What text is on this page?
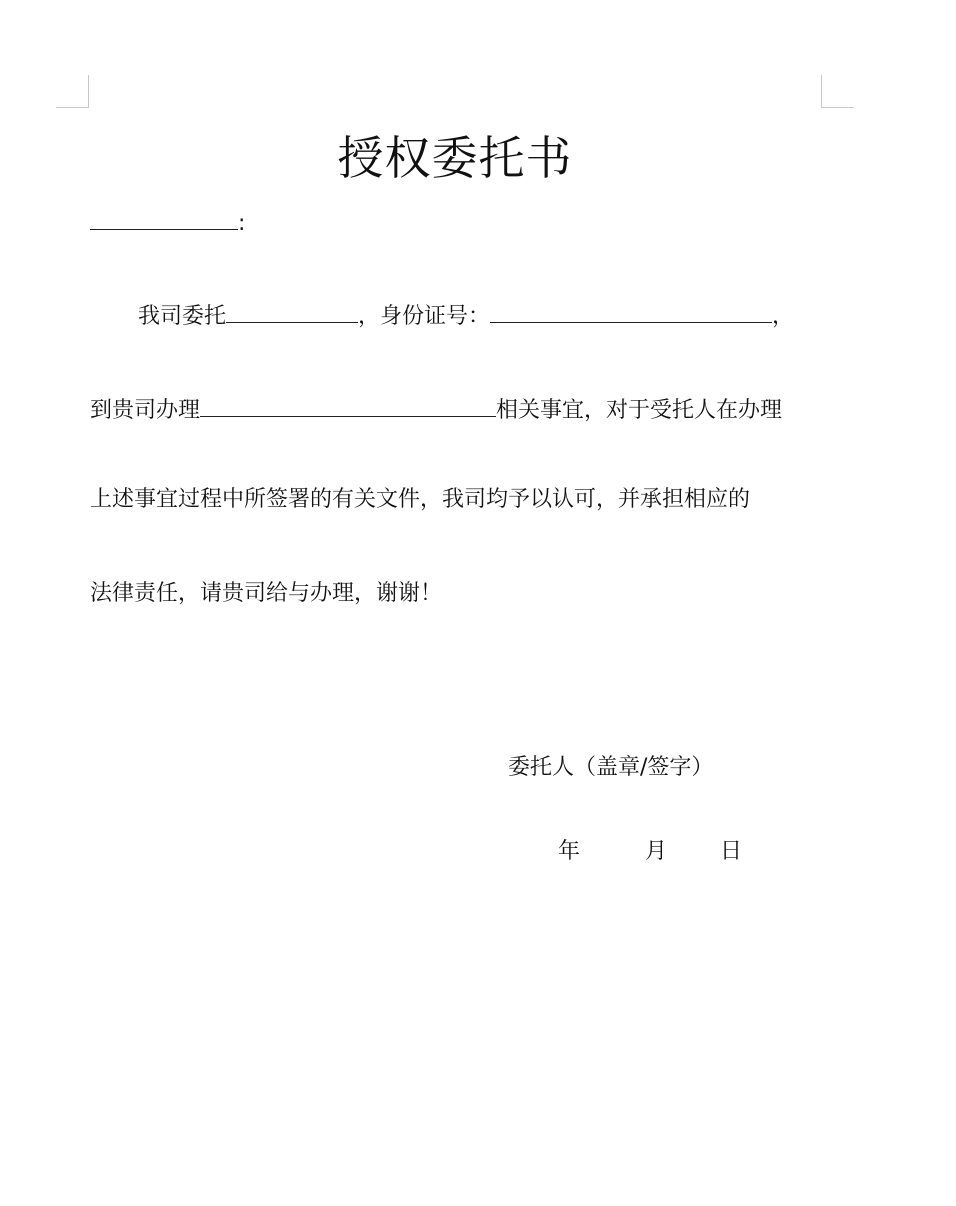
授权委托书
:
我司委托	，身份证号：	，
到贵司办理	相关事宜，对于受托人在办理
上述事宜过程中所签署的有关文件，我司均予以认可，并承担相应的
法律责任，请贵司给与办理，谢谢！
委托人（盖章/签字）
年	月 日
